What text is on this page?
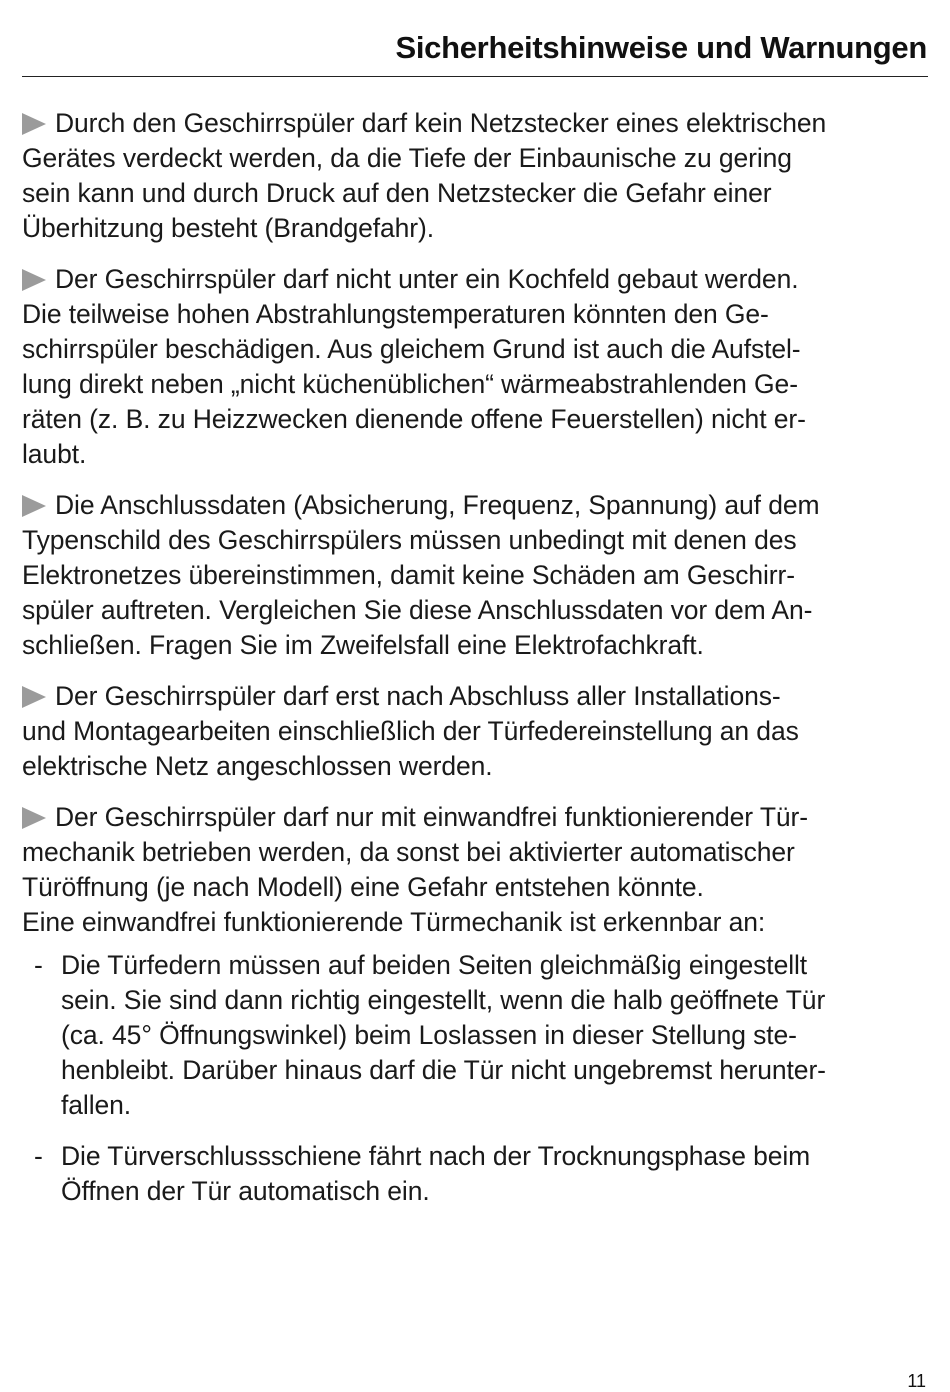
Sicherheitshinweise und Warnungen

Durch den Geschirrspüler darf kein Netzstecker eines elektrischen
Gerätes verdeckt werden, da die Tiefe der Einbaunische zu gering
sein kann und durch Druck auf den Netzstecker die Gefahr einer
Überhitzung besteht (Brandgefahr).

Der Geschirrspüler darf nicht unter ein Kochfeld gebaut werden.
Die teilweise hohen Abstrahlungstemperaturen könnten den Ge-
schirrspüler beschädigen. Aus gleichem Grund ist auch die Aufstel-
lung direkt neben „nicht küchenüblichen“ wärmeabstrahlenden Ge-
räten (z. B. zu Heizzwecken dienende offene Feuerstellen) nicht er-
laubt.

Die Anschlussdaten (Absicherung, Frequenz, Spannung) auf dem
Typenschild des Geschirrspülers müssen unbedingt mit denen des
Elektronetzes übereinstimmen, damit keine Schäden am Geschirr-
spüler auftreten. Vergleichen Sie diese Anschlussdaten vor dem An-
schließen. Fragen Sie im Zweifelsfall eine Elektrofachkraft.

Der Geschirrspüler darf erst nach Abschluss aller Installations-
und Montagearbeiten einschließlich der Türfedereinstellung an das
elektrische Netz angeschlossen werden.

Der Geschirrspüler darf nur mit einwandfrei funktionierender Tür-
mechanik betrieben werden, da sonst bei aktivierter automatischer
Türöffnung (je nach Modell) eine Gefahr entstehen könnte.
Eine einwandfrei funktionierende Türmechanik ist erkennbar an:

- Die Türfedern müssen auf beiden Seiten gleichmäßig eingestellt
sein. Sie sind dann richtig eingestellt, wenn die halb geöffnete Tür
(ca. 45° Öffnungswinkel) beim Loslassen in dieser Stellung ste-
henbleibt. Darüber hinaus darf die Tür nicht ungebremst herunter-
fallen.
- Die Türverschlussschiene fährt nach der Trocknungsphase beim
Öffnen der Tür automatisch ein.
11
